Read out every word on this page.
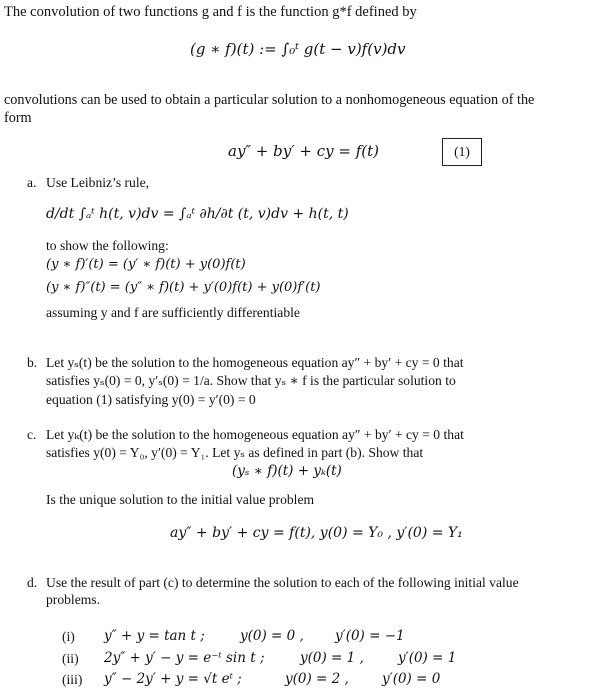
The convolution of two functions g and f is the function g*f defined by
(g ∗ f)(t) := ∫₀ᵗ g(t − v)f(v)dv
convolutions can be used to obtain a particular solution to a nonhomogeneous equation of the
form
ay″ + by′ + cy = f(t)	(1)
a. Use Leibniz’s rule,
d/dt ∫ₐᵗ h(t, v)dv = ∫ₐᵗ ∂h/∂t (t, v)dv + h(t, t)
to show the following:
(y ∗ f)′(t) = (y′ ∗ f)(t) + y(0)f(t)
(y ∗ f)″(t) = (y″ ∗ f)(t) + y′(0)f(t) + y(0)f′(t)
assuming y and f are sufficiently differentiable
b. Let yₛ(t) be the solution to the homogeneous equation ay″ + by′ + cy = 0 that
satisfies yₛ(0) = 0, y′ₛ(0) = 1/a. Show that yₛ ∗ f is the particular solution to
equation (1) satisfying y(0) = y′(0) = 0
c. Let yₖ(t) be the solution to the homogeneous equation ay″ + by′ + cy = 0 that
satisfies y(0) = Y₀, y′(0) = Y₁. Let yₛ as defined in part (b). Show that
(yₛ ∗ f)(t) + yₖ(t)
Is the unique solution to the initial value problem
ay″ + by′ + cy = f(t), y(0) = Y₀ , y′(0) = Y₁
d. Use the result of part (c) to determine the solution to each of the following initial value
problems.
(i) y″ + y = tan t ;	y(0) = 0 , y′(0) = −1
(ii) 2y″ + y′ − y = e⁻ᵗ sin t ;	y(0) = 1 ,	y′(0) = 1
(iii) y″ − 2y′ + y = √t eᵗ ;	y(0) = 2 , y′(0) = 0
